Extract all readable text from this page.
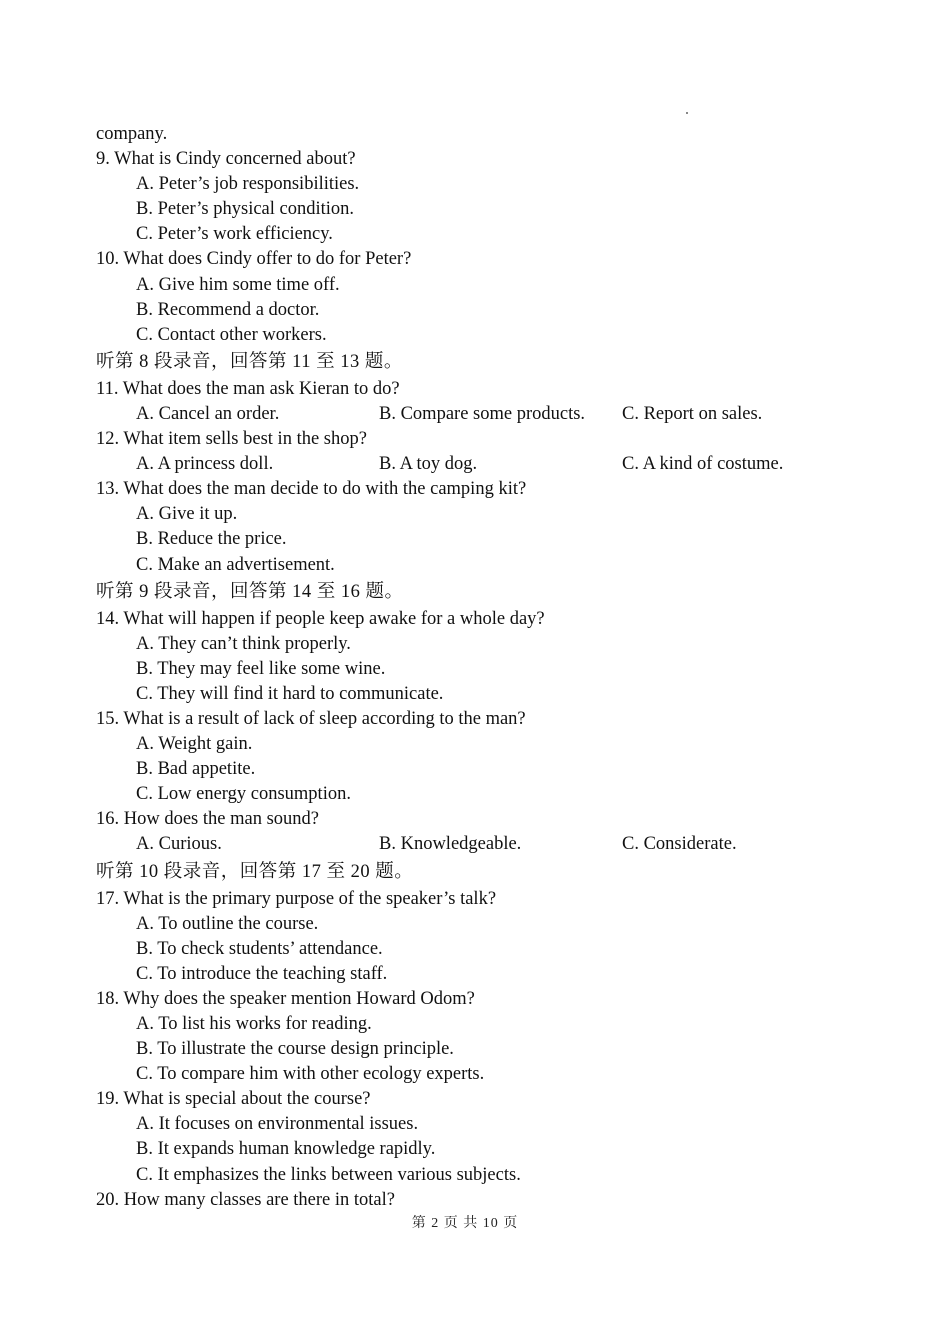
company.
9. What is Cindy concerned about?
A. Peter’s job responsibilities.
B. Peter’s physical condition.
C. Peter’s work efficiency.
10. What does Cindy offer to do for Peter?
A. Give him some time off.
B. Recommend a doctor.
C. Contact other workers.
听第 8 段录音，回答第 11 至 13 题。
11. What does the man ask Kieran to do?
A. Cancel an order.	B. Compare some products.	C. Report on sales.
12. What item sells best in the shop?
A. A princess doll.	B. A toy dog.	C. A kind of costume.
13. What does the man decide to do with the camping kit?
A. Give it up.
B. Reduce the price.
C. Make an advertisement.
听第 9 段录音，回答第 14 至 16 题。
14. What will happen if people keep awake for a whole day?
A. They can’t think properly.
B. They may feel like some wine.
C. They will find it hard to communicate.
15. What is a result of lack of sleep according to the man?
A. Weight gain.
B. Bad appetite.
C. Low energy consumption.
16. How does the man sound?
A. Curious.	B. Knowledgeable.	C. Considerate.
听第 10 段录音，回答第 17 至 20 题。
17. What is the primary purpose of the speaker’s talk?
A. To outline the course.
B. To check students’ attendance.
C. To introduce the teaching staff.
18. Why does the speaker mention Howard Odom?
A. To list his works for reading.
B. To illustrate the course design principle.
C. To compare him with other ecology experts.
19. What is special about the course?
A. It focuses on environmental issues.
B. It expands human knowledge rapidly.
C. It emphasizes the links between various subjects.
20. How many classes are there in total?
第 2 页 共 10 页
